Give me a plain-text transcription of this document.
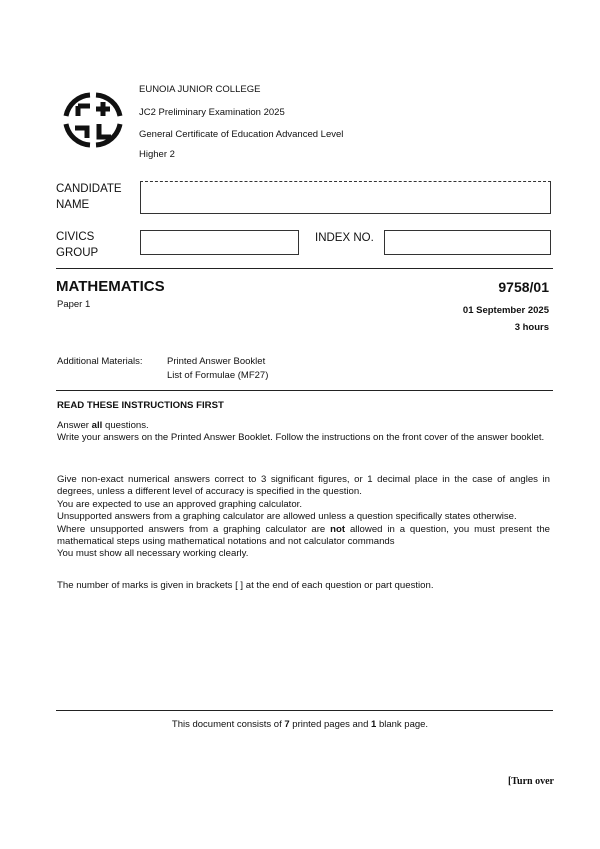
EUNOIA JUNIOR COLLEGE
JC2 Preliminary Examination 2025
General Certificate of Education Advanced Level
Higher 2
CANDIDATE
NAME
CIVICS
GROUP
INDEX NO.
MATHEMATICS
Paper 1
9758/01
01 September 2025
3 hours
Additional Materials:	Printed Answer Booklet
List of Formulae (MF27)
READ THESE INSTRUCTIONS FIRST

Answer all questions.

Write your answers on the Printed Answer Booklet. Follow the instructions on the front cover of the answer booklet.

Give non-exact numerical answers correct to 3 significant figures, or 1 decimal place in the case of angles in degrees, unless a different level of accuracy is specified in the question.

You are expected to use an approved graphing calculator.

Unsupported answers from a graphing calculator are allowed unless a question specifically states otherwise.

Where unsupported answers from a graphing calculator are not allowed in a question, you must present the mathematical steps using mathematical notations and not calculator commands

You must show all necessary working clearly.

The number of marks is given in brackets [ ] at the end of each question or part question.

This document consists of 7 printed pages and 1 blank page.
[Turn over
